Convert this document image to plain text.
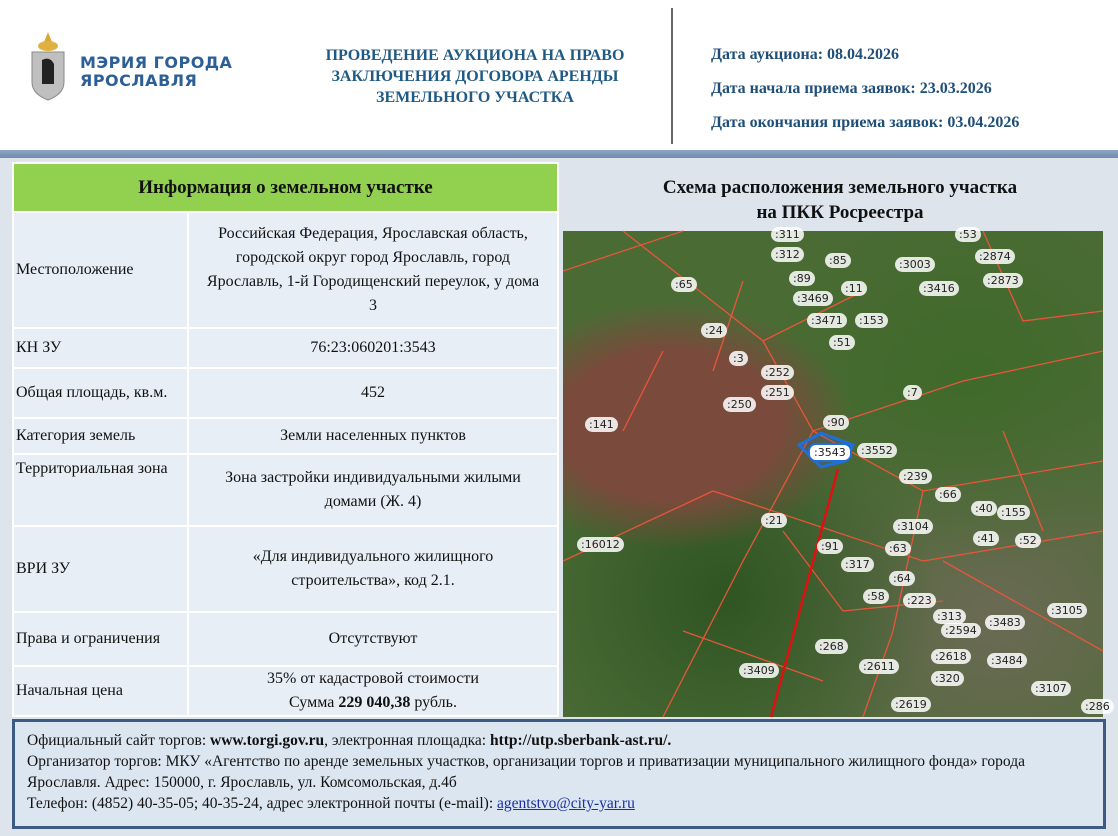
МЭРИЯ ГОРОДА
ЯРОСЛАВЛЯ
ПРОВЕДЕНИЕ АУКЦИОНА НА ПРАВО
ЗАКЛЮЧЕНИЯ ДОГОВОРА АРЕНДЫ
ЗЕМЕЛЬНОГО УЧАСТКА
Дата аукциона: 08.04.2026
Дата начала приема заявок: 23.03.2026
Дата окончания приема заявок: 03.04.2026
Информация о земельном участке	
Местоположение	Российская Федерация, Ярославская область, городской округ город Ярославль, город Ярославль, 1-й Городищенский переулок, у дома 3
КН ЗУ	76:23:060201:3543
Общая площадь, кв.м.	452
Категория земель	Земли населенных пунктов
Территориальная зона	Зона застройки индивидуальными жилыми домами (Ж. 4)
ВРИ ЗУ	«Для индивидуального жилищного строительства», код 2.1.
Права и ограничения	Отсутствуют
Начальная цена	35% от кадастровой стоимости
Сумма 229 040,38 рубль.
Схема расположения земельного участка
на ПКК Росреестра
:3543
:311
:312
:89
:85	:3003
:53
:2874
:65
:3469
:11	:3416
:2873
:3471	:153
:24
:51
:3
:252
:251
:250
:7
:141	:90
:3552
:239
:66
:40 :155
:21	:3104
:41	:52
:16012	:91	:63
:317
:64
:58	:223
:313
:2594
:3483
:3105
:268
:2618	:3484
:3409	:2611
:320
:3107
:2619	:286
Официальный сайт торгов: www.torgi.gov.ru, электронная площадка: http://utp.sberbank-ast.ru/.
Организатор торгов: МКУ «Агентство по аренде земельных участков, организации торгов и приватизации муниципального жилищного фонда» города Ярославля. Адрес: 150000, г. Ярославль, ул. Комсомольская, д.4б
Телефон: (4852) 40-35-05; 40-35-24, адрес электронной почты (e-mail): agentstvo@city-yar.ru
